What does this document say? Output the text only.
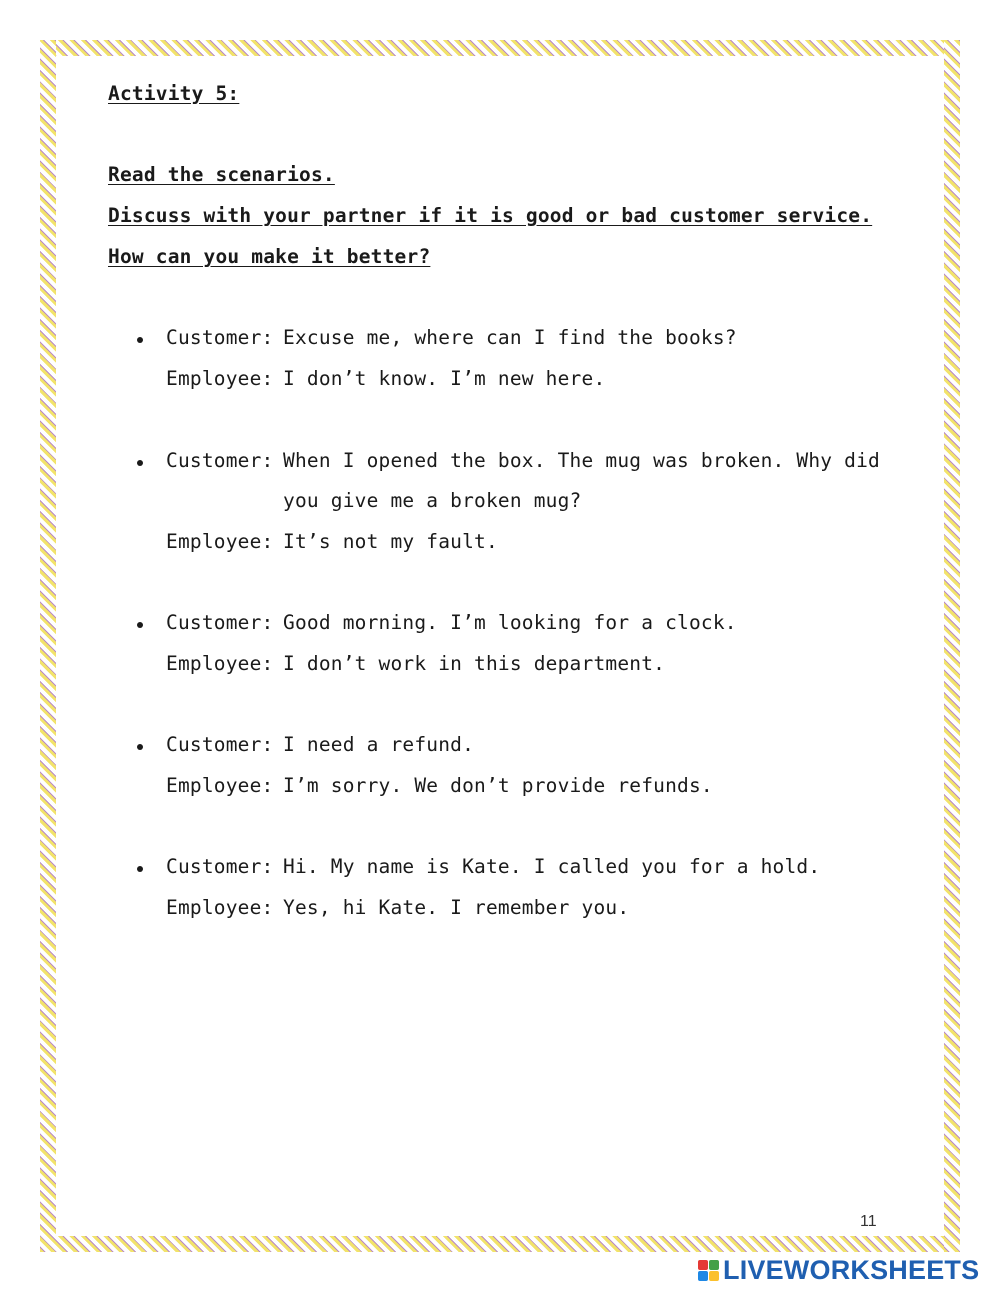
Activity 5:
Read the scenarios.
Discuss with your partner if it is good or bad customer service.
How can you make it better?
Customer: Excuse me, where can I find the books?
Employee: I don’t know. I’m new here.
Customer: When I opened the box. The mug was broken. Why did
you give me a broken mug?
Employee: It’s not my fault.
Customer: Good morning. I’m looking for a clock.
Employee: I don’t work in this department.
Customer: I need a refund.
Employee: I’m sorry. We don’t provide refunds.
Customer: Hi. My name is Kate. I called you for a hold.
Employee: Yes, hi Kate. I remember you.
11
LIVEWORKSHEETS
